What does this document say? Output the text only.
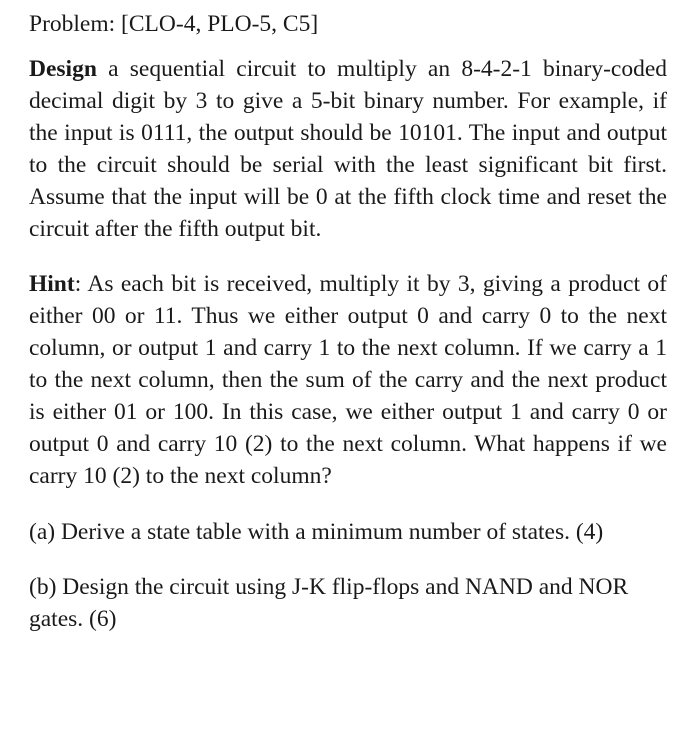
Problem: [CLO-4, PLO-5, C5]

Design a sequential circuit to multiply an 8-4-2-1 binary-coded decimal digit by 3 to give a 5-bit binary number. For example, if the input is 0111, the output should be 10101. The input and output to the circuit should be serial with the least significant bit first. Assume that the input will be 0 at the fifth clock time and reset the circuit after the fifth output bit.

Hint: As each bit is received, multiply it by 3, giving a product of either 00 or 11. Thus we either output 0 and carry 0 to the next column, or output 1 and carry 1 to the next column. If we carry a 1 to the next column, then the sum of the carry and the next product is either 01 or 100. In this case, we either output 1 and carry 0 or output 0 and carry 10 (2) to the next column. What happens if we carry 10 (2) to the next column?

(a) Derive a state table with a minimum number of states. (4)

(b) Design the circuit using J-K flip-flops and NAND and NOR gates. (6)
